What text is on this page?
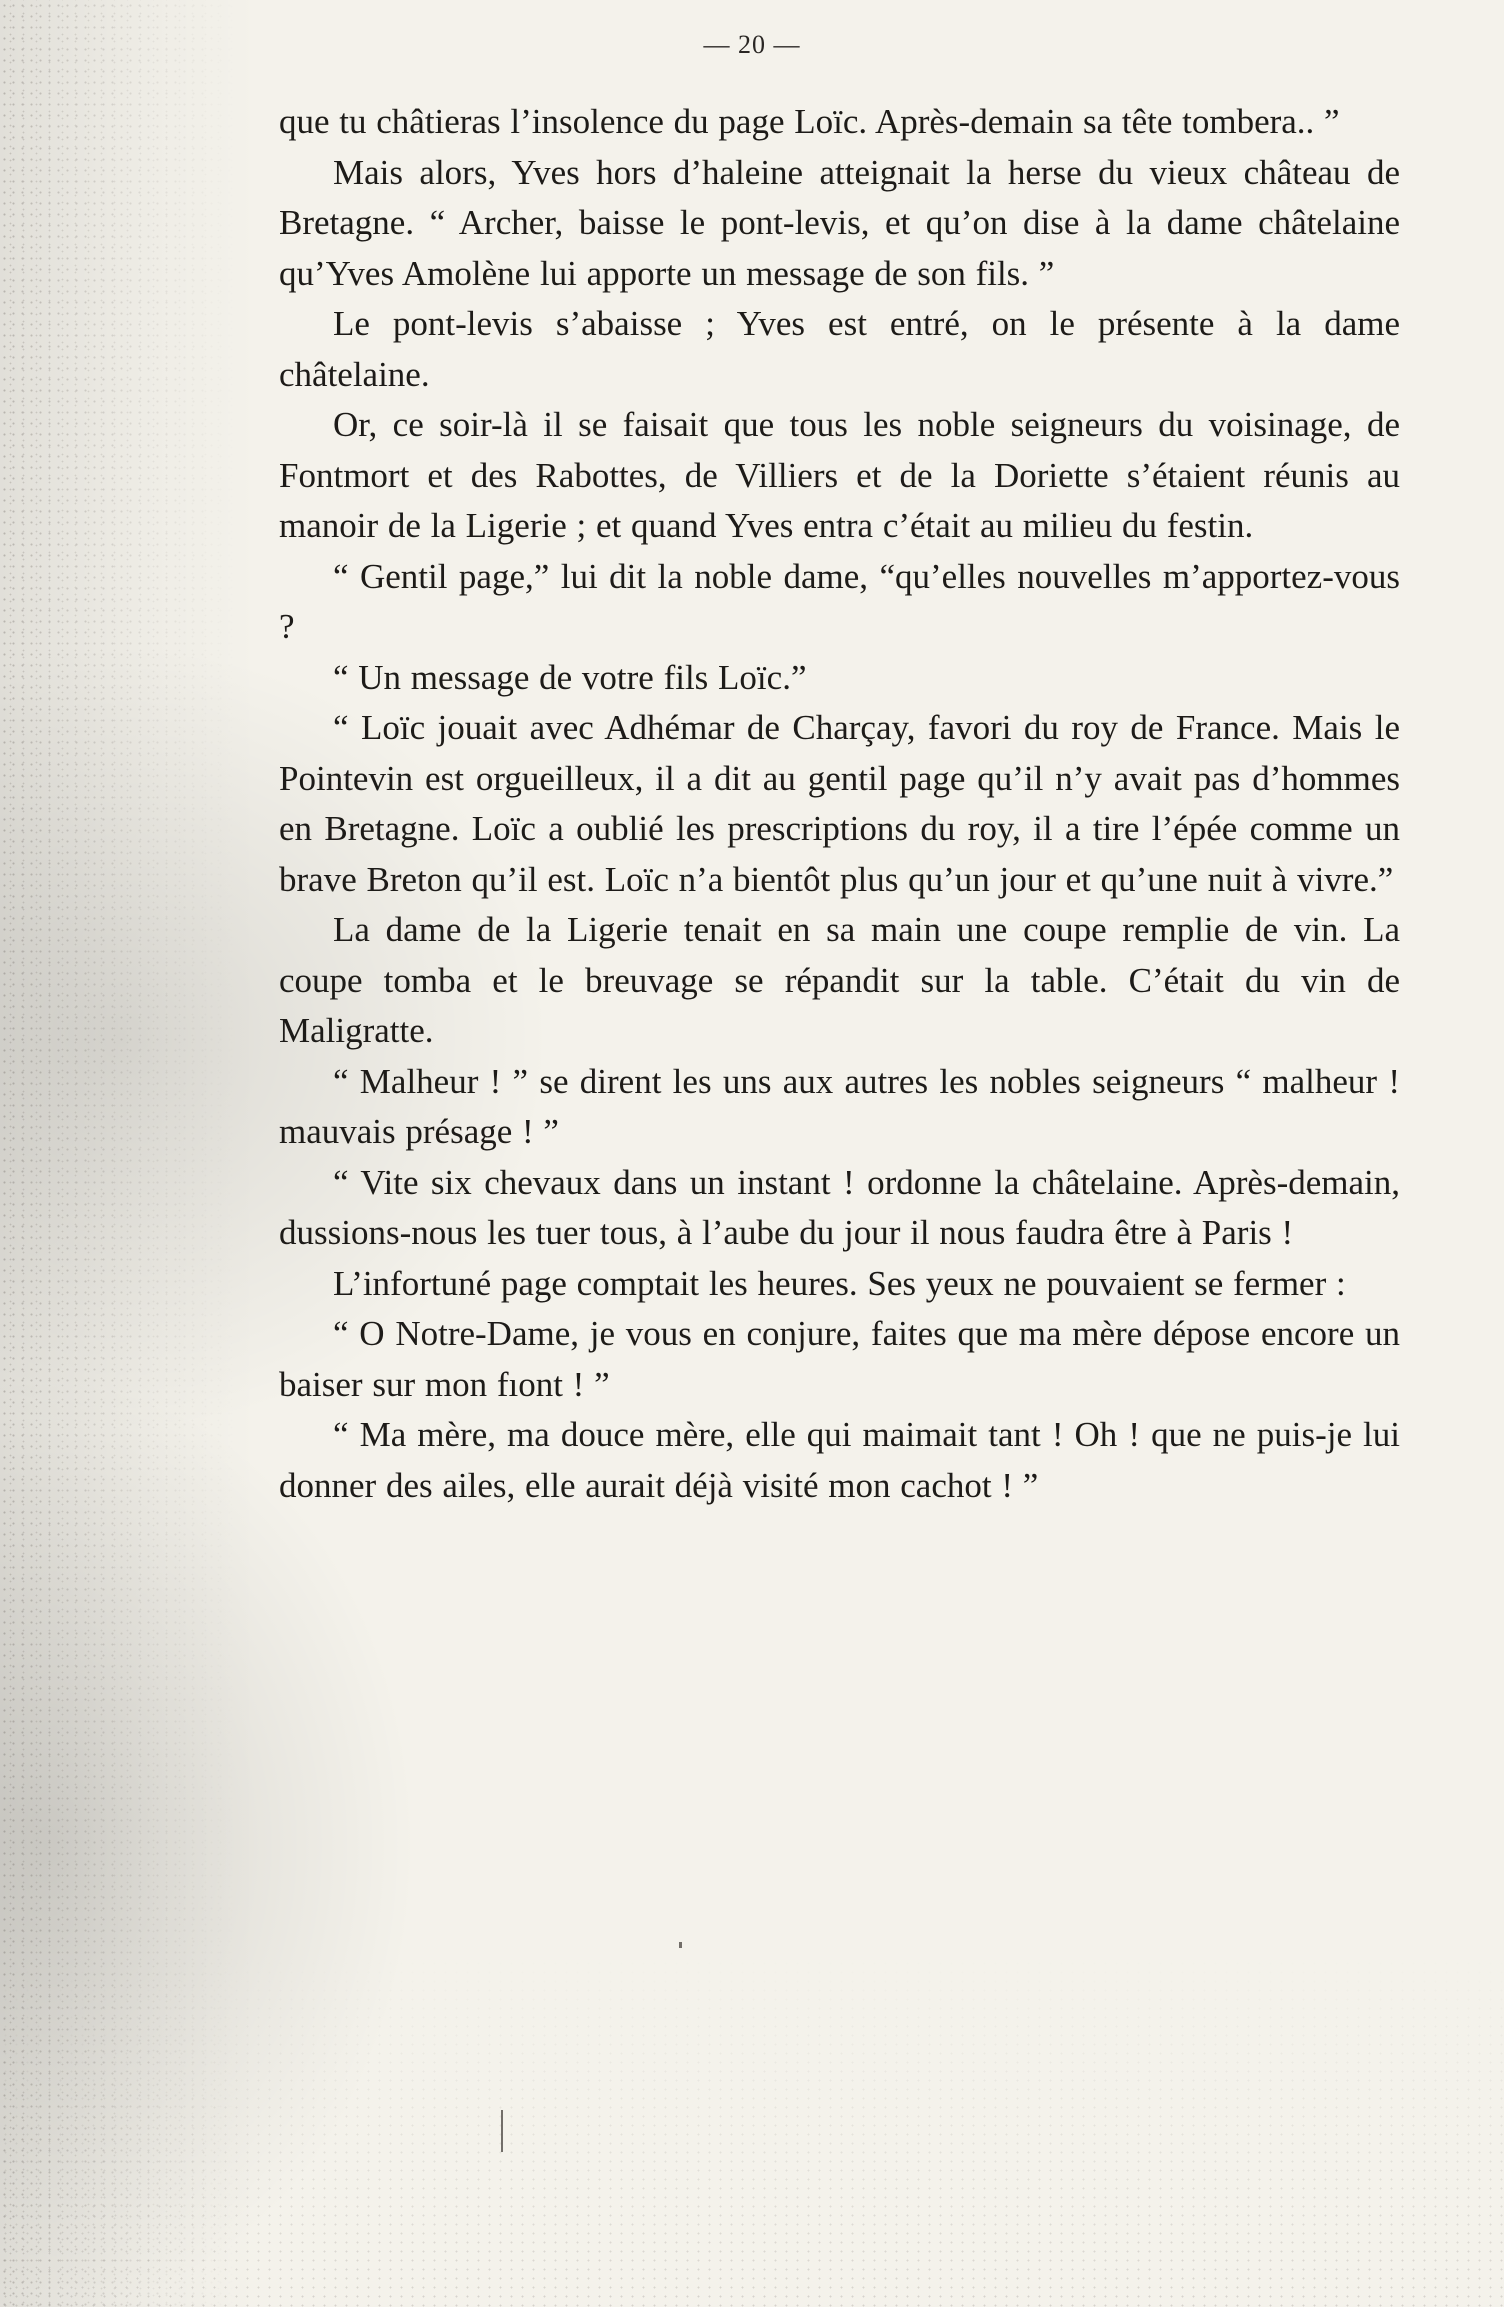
— 20 —

que tu châtieras l’insolence du page Loïc. Après-demain sa tête tombera.. ”

Mais alors, Yves hors d’haleine atteignait la herse du vieux château de Bretagne. “ Archer, baisse le pont-levis, et qu’on dise à la dame châtelaine qu’Yves Amolène lui apporte un message de son fils. ”

Le pont-levis s’abaisse ; Yves est entré, on le présente à la dame châtelaine.

Or, ce soir-là il se faisait que tous les noble seigneurs du voisinage, de Fontmort et des Rabottes, de Villiers et de la Doriette s’étaient réunis au manoir de la Ligerie ; et quand Yves entra c’était au milieu du festin.

“ Gentil page,” lui dit la noble dame, “qu’elles nouvelles m’apportez-vous ?

“ Un message de votre fils Loïc.”

“ Loïc jouait avec Adhémar de Charçay, favori du roy de France. Mais le Pointevin est orgueilleux, il a dit au gentil page qu’il n’y avait pas d’hommes en Bretagne. Loïc a oublié les prescriptions du roy, il a tire l’épée comme un brave Breton qu’il est. Loïc n’a bientôt plus qu’un jour et qu’une nuit à vivre.”

La dame de la Ligerie tenait en sa main une coupe remplie de vin. La coupe tomba et le breuvage se répandit sur la table. C’était du vin de Maligratte.

“ Malheur ! ” se dirent les uns aux autres les nobles seigneurs “ malheur ! mauvais présage ! ”

“ Vite six chevaux dans un instant ! ordonne la châtelaine. Après-demain, dussions-nous les tuer tous, à l’aube du jour il nous faudra être à Paris !

L’infortuné page comptait les heures. Ses yeux ne pouvaient se fermer :

“ O Notre-Dame, je vous en conjure, faites que ma mère dépose encore un baiser sur mon fıont ! ”

“ Ma mère, ma douce mère, elle qui maimait tant ! Oh ! que ne puis-je lui donner des ailes, elle aurait déjà visité mon cachot ! ”
